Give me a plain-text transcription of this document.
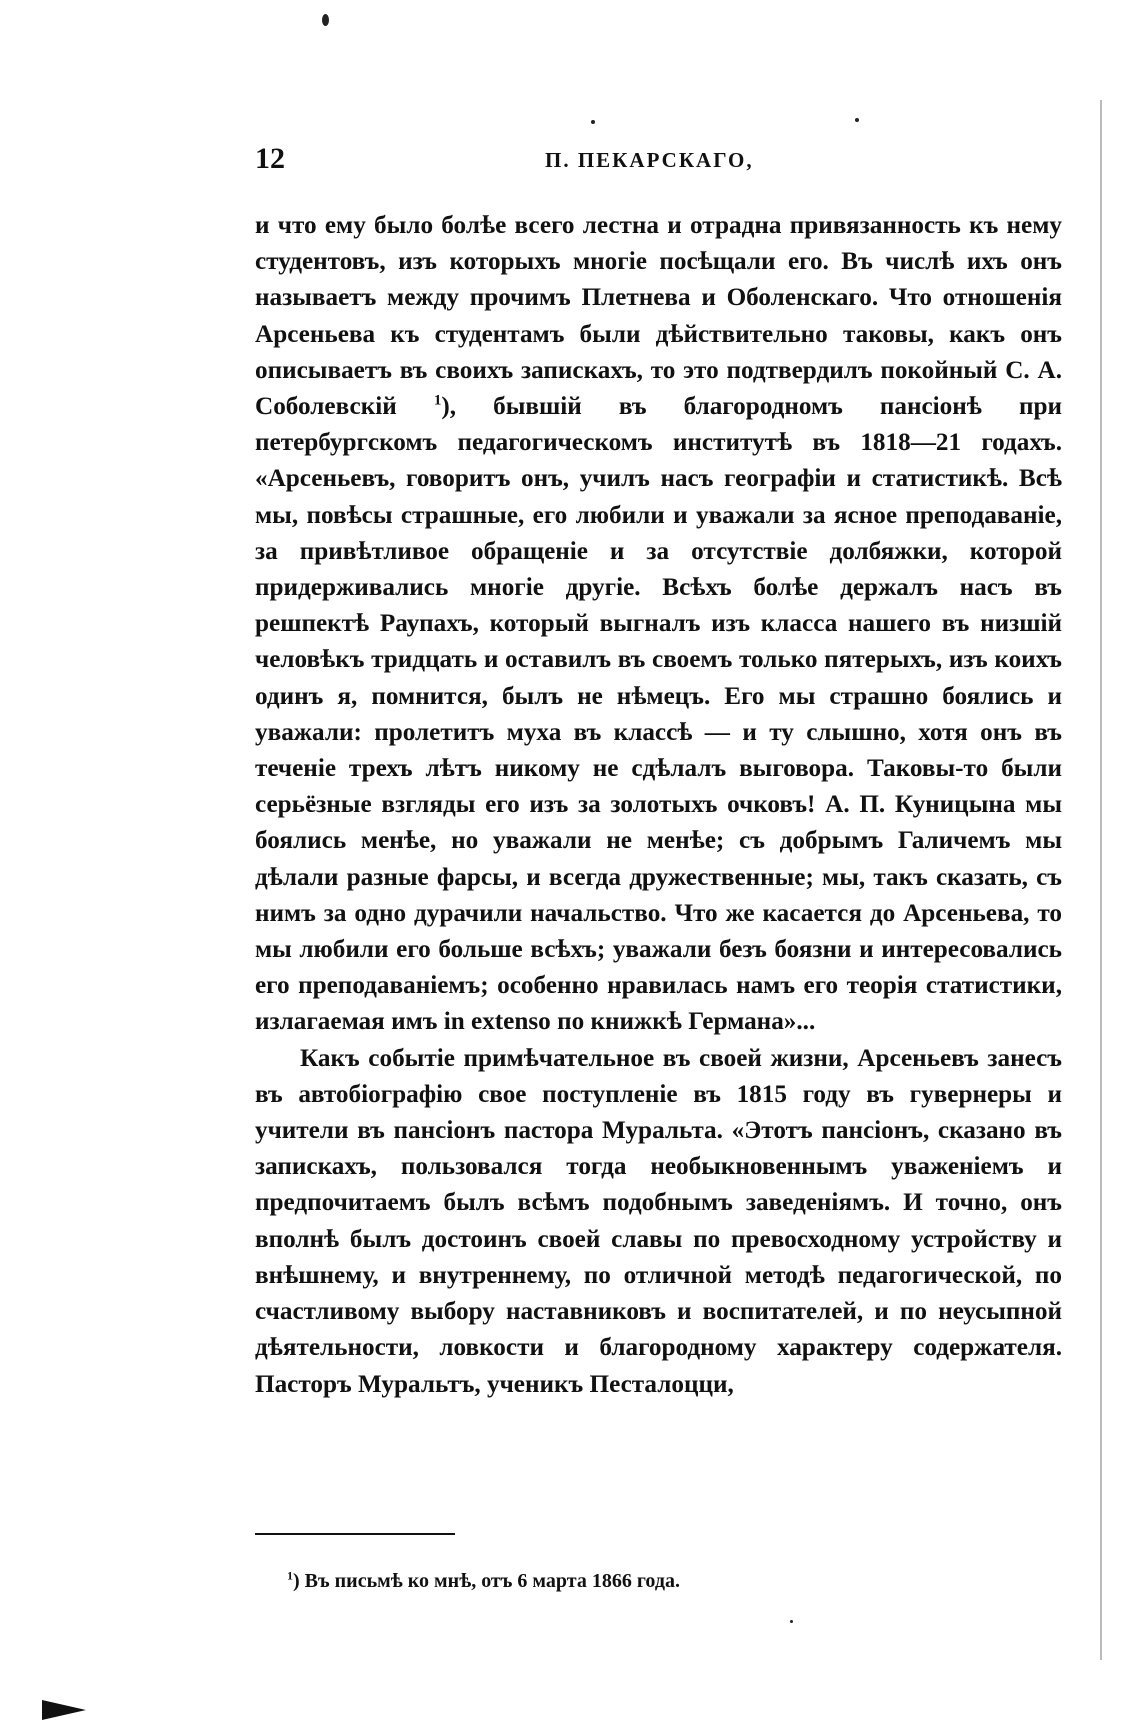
12	П. ПЕКАРСКАГО,

и что ему было болѣе всего лестна и отрадна привязанность къ нему студентовъ, изъ которыхъ многіе посѣщали его. Въ числѣ ихъ онъ называетъ между прочимъ Плетнева и Оболенскаго. Что отношенія Арсеньева къ студентамъ были дѣйствительно таковы, какъ онъ описываетъ въ своихъ запискахъ, то это подтвердилъ покойный С. А. Соболевскій $^1$), бывшій въ благородномъ пансіонѣ при петербургскомъ педагогическомъ институтѣ въ 1818—21 годахъ. «Арсеньевъ, говоритъ онъ, училъ насъ географіи и статистикѣ. Всѣ мы, повѣсы страшные, его любили и уважали за ясное преподаваніе, за привѣтливое обращеніе и за отсутствіе долбяжки, которой придерживались многіе другіе. Всѣхъ болѣе держалъ насъ въ решпектѣ Раупахъ, который выгналъ изъ класса нашего въ низшій человѣкъ тридцать и оставилъ въ своемъ только пятерыхъ, изъ коихъ одинъ я, помнится, былъ не нѣмецъ. Его мы страшно боялись и уважали: пролетитъ муха въ классѣ — и ту слышно, хотя онъ въ теченіе трехъ лѣтъ никому не сдѣлалъ выговора. Таковы-то были серьёзные взгляды его изъ за золотыхъ очковъ! А. П. Куницына мы боялись менѣе, но уважали не менѣе; съ добрымъ Галичемъ мы дѣлали разные фарсы, и всегда дружественные; мы, такъ сказать, съ нимъ за одно дурачили начальство. Что же касается до Арсеньева, то мы любили его больше всѣхъ; уважали безъ боязни и интересовались его преподаваніемъ; особенно нравилась намъ его теорія статистики, излагаемая имъ in extenso по книжкѣ Германа»...

Какъ событіе примѣчательное въ своей жизни, Арсеньевъ занесъ въ автобіографію свое поступленіе въ 1815 году въ гувернеры и учители въ пансіонъ пастора Муральта. «Этотъ пансіонъ, сказано въ запискахъ, пользовался тогда необыкновеннымъ уваженіемъ и предпочитаемъ былъ всѣмъ подобнымъ заведеніямъ. И точно, онъ вполнѣ былъ достоинъ своей славы по превосходному устройству и внѣшнему, и внутреннему, по отличной методѣ педагогической, по счастливому выбору наставниковъ и воспитателей, и по неусыпной дѣятельности, ловкости и благородному характеру содержателя. Пасторъ Муральтъ, ученикъ Песталоцци,

$^1$) Въ письмѣ ко мнѣ, отъ 6 марта 1866 года.
